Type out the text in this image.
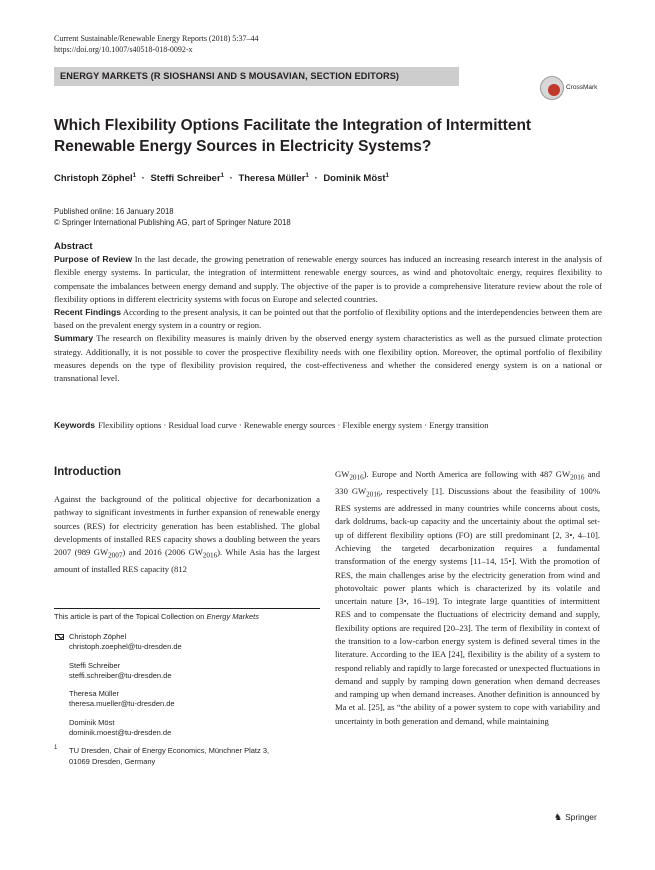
Current Sustainable/Renewable Energy Reports (2018) 5:37–44
https://doi.org/10.1007/s40518-018-0092-x
ENERGY MARKETS (R SIOSHANSI AND S MOUSAVIAN, SECTION EDITORS)
CrossMark
Which Flexibility Options Facilitate the Integration of Intermittent
Renewable Energy Sources in Electricity Systems?
Christoph Zöphel$^1$ · Steffi Schreiber$^1$ · Theresa Müller$^1$ · Dominik Möst$^1$
Published online: 16 January 2018
© Springer International Publishing AG, part of Springer Nature 2018
Abstract

Purpose of Review In the last decade, the growing penetration of renewable energy sources has induced an increasing research interest in the analysis of flexible energy systems. In particular, the integration of intermittent renewable energy sources, as wind and photovoltaic energy, requires flexibility to compensate the imbalances between energy demand and supply. The objective of the paper is to provide a comprehensive literature review about the role of flexibility options in different electricity systems with focus on Europe and selected countries.

Recent Findings According to the present analysis, it can be pointed out that the portfolio of flexibility options and the interdependencies between them are based on the prevalent energy system in a country or region.

Summary The research on flexibility measures is mainly driven by the observed energy system characteristics as well as the pursued climate protection strategy. Additionally, it is not possible to cover the prospective flexibility needs with one flexibility option. Moreover, the optimal portfolio of flexibility measures depends on the type of flexibility provision required, the cost-effectiveness and whether the considered energy system is on a national or transnational level.

Keywords Flexibility options · Residual load curve · Renewable energy sources · Flexible energy system · Energy transition
Introduction

Against the background of the political objective for decarbonization a pathway to significant investments in further expansion of renewable energy sources (RES) for electricity generation has been established. The global developments of installed RES capacity shows a doubling between the years 2007 (989 $GW_{2007}$) and 2016 (2006 $GW_{2016}$). While Asia has the largest amount of installed RES capacity (812

This article is part of the Topical Collection on Energy Markets
Christoph Zöphel
christoph.zoephel@tu-dresden.de
Steffi Schreiber
steffi.schreiber@tu-dresden.de
Theresa Müller
theresa.mueller@tu-dresden.de
Dominik Möst
dominik.moest@tu-dresden.de
1 TU Dresden, Chair of Energy Economics, Münchner Platz 3,
01069 Dresden, Germany

$GW_{2016}$). Europe and North America are following with 487 $GW_{2016}$ and 330 $GW_{2016}$, respectively [1]. Discussions about the feasibility of 100% RES systems are addressed in many countries while concerns about costs, dark doldrums, back-up capacity and the uncertainty about the optimal set-up of different flexibility options (FO) are still predominant [2, 3•, 4–10]. Achieving the targeted decarbonization requires a fundamental transformation of the energy systems [11–14, 15•]. With the promotion of RES, the main challenges arise by the electricity generation from wind and photovoltaic power plants which is characterized by its volatile and uncertain nature [3•, 16–19]. To integrate large quantities of intermittent RES and to compensate the fluctuations of electricity demand and supply, flexibility options are required [20–23]. The term of flexibility in context of the transition to a low-carbon energy system is defined several times in the literature. According to the IEA [24], flexibility is the ability of a system to respond reliably and rapidly to large forecasted or unexpected fluctuations in demand and supply by ramping down generation when demand decreases and ramping up when demand increases. Another definition is announced by Ma et al. [25], as “the ability of a power system to cope with variability and uncertainty in both generation and demand, while maintaining

♞ Springer
